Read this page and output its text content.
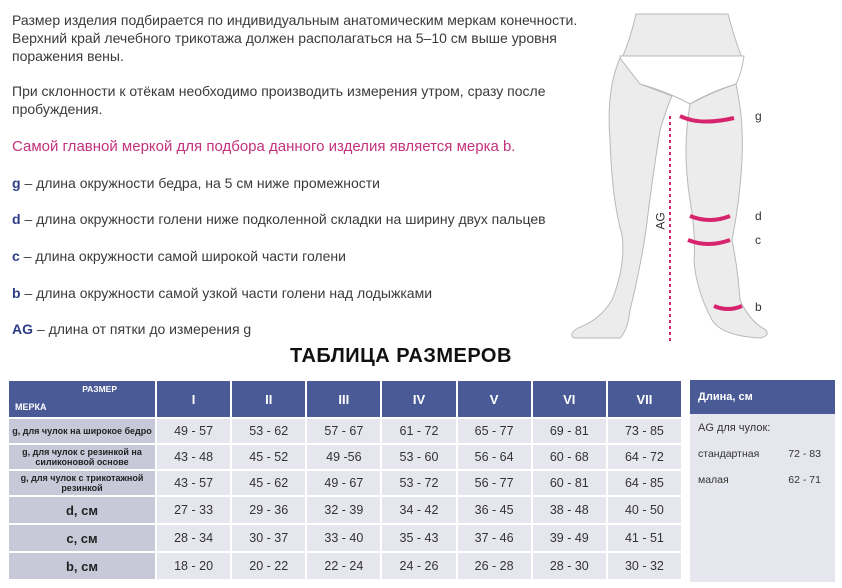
Размер изделия подбирается по индивидуальным анатомическим меркам конечности. Верхний край лечебного трикотажа должен располагаться на 5–10 см выше уровня поражения вены.
При склонности к отёкам необходимо производить измерения утром, сразу после пробуждения.
Самой главной меркой для подбора данного изделия является мерка b.
g – длина окружности бедра, на 5 см ниже промежности
d – длина окружности голени ниже подколенной складки на ширину двух пальцев
c – длина окружности самой широкой части голени
b – длина окружности самой узкой части голени над лодыжками
AG – длина от пятки до измерения g
g
d
c
b
AG
ТАБЛИЦА РАЗМЕРОВ
РАЗМЕР
МЕРКА	I	II	III	IV	V	VI	VII
g, для чулок на широкое бедро	49 - 57	53 - 62	57 - 67	61 - 72	65 - 77	69 - 81	73 - 85
g, для чулок с резинкой на силиконовой основе	43 - 48	45 - 52	49 -56	53 - 60	56 - 64	60 - 68	64 - 72
g, для чулок с трикотажной резинкой	43 - 57	45 - 62	49 - 67	53 - 72	56 - 77	60 - 81	64 - 85
d, см	27 - 33	29 - 36	32 - 39	34 - 42	36 - 45	38 - 48	40 - 50
c, см	28 - 34	30 - 37	33 - 40	35 - 43	37 - 46	39 - 49	41 - 51
b, см	18 - 20	20 - 22	22 - 24	24 - 26	26 - 28	28 - 30	30 - 32
Длина, см
AG для чулок:
стандартная	72 - 83
малая	62 - 71
